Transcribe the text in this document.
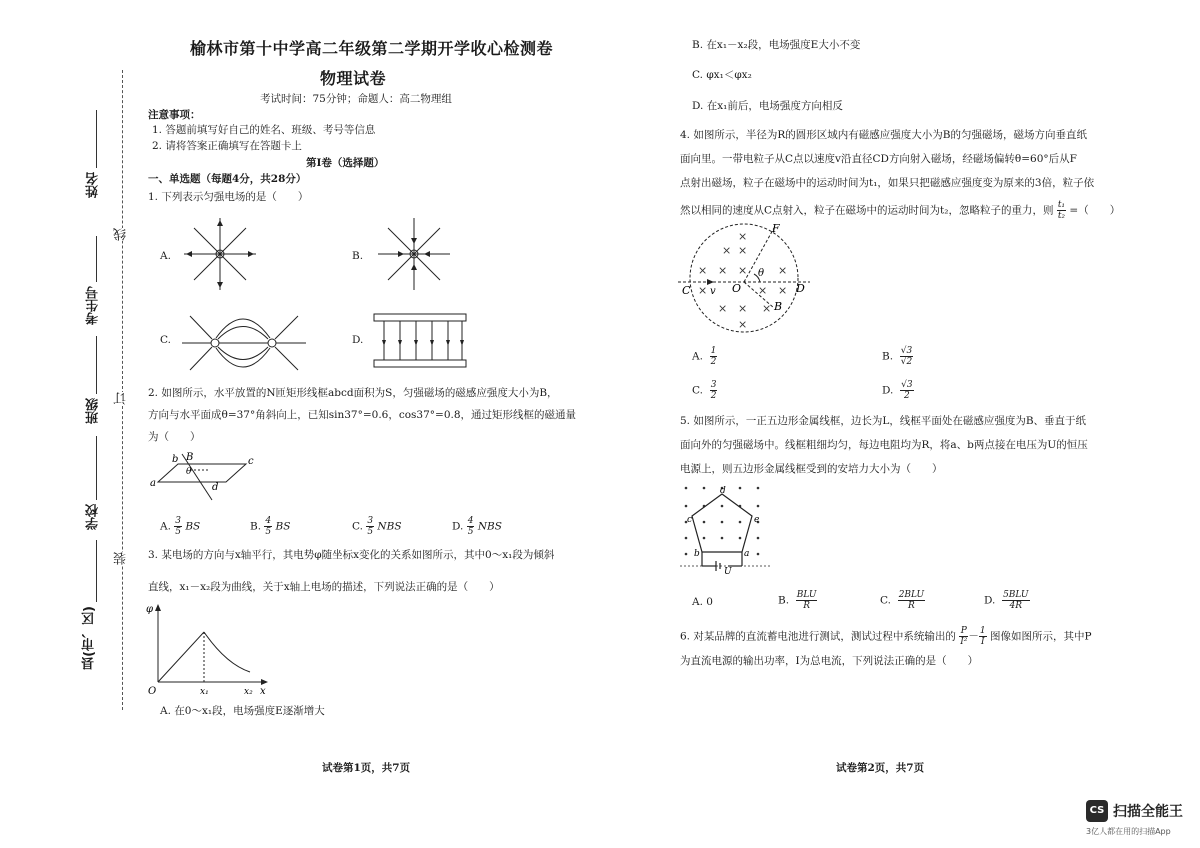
姓名
线
考生号
订
班级
学校
装
县(市、区)
榆林市第十中学高二年级第二学期开学收心检测卷
物理试卷
考试时间：75分钟；命题人：高二物理组
注意事项：
1. 答题前填写好自己的姓名、班级、考号等信息
2. 请将答案正确填写在答题卡上
第Ⅰ卷（选择题）
一、单选题（每题4分，共28分）
1. 下列表示匀强电场的是（　　）
A.	B.
C.	D.
2. 如图所示，水平放置的N匝矩形线框abcd面积为S，匀强磁场的磁感应强度大小为B，
方向与水平面成θ=37°角斜向上，已知sin37°=0.6，cos37°=0.8，通过矩形线框的磁通量
为（　　）
a
b B
θ
c
d
A. $\frac{3}{5}$ BS	B. $\frac{4}{5}$ BS	C. $\frac{3}{5}$ NBS	D. $\frac{4}{5}$ NBS
3. 某电场的方向与x轴平行，其电势φ随坐标x变化的关系如图所示，其中0～x₁段为倾斜
直线，x₁－x₂段为曲线，关于x轴上电场的描述，下列说法正确的是（　　）
φ
O	x₁	x₂ x
A. 在0～x₁段，电场强度E逐渐增大
试卷第1页，共7页
B. 在x₁－x₂段，电场强度E大小不变
C. φx₁＜φx₂
D. 在x₁前后，电场强度方向相反
4. 如图所示，半径为R的圆形区域内有磁感应强度大小为B的匀强磁场，磁场方向垂直纸
面向里。一带电粒子从C点以速度v沿直径CD方向射入磁场，经磁场偏转θ=60°后从F
点射出磁场，粒子在磁场中的运动时间为t₁，如果只把磁感应强度变为原来的3倍，粒子依
然以相同的速度从C点射入，粒子在磁场中的运动时间为t₂，忽略粒子的重力，则 $\frac{\text{t₁}}{\text{t₂}}$ =（　　）
×
× ×
× × ×	×
×	× ×
× × ×
×
C	D
O
F
B
v
θ
A. $\frac{1}{2}$	B. $\frac{√3}{√2}$
C. $\frac{3}{2}$	D. $\frac{√3}{2}$
5. 如图所示，一正五边形金属线框，边长为L，线框平面处在磁感应强度为B、垂直于纸
面向外的匀强磁场中。线框粗细均匀，每边电阻均为R，将a、b两点接在电压为U的恒压
电源上，则五边形金属线框受到的安培力大小为（　　）
d
c	e
b	a
U
A. 0	B. $\frac{\text{BLU}}{R}$	C. $\frac{\text{2BLU}}{R}$	D. $\frac{\text{5BLU}}{4R}$
6. 对某品牌的直流蓄电池进行测试，测试过程中系统输出的 $\frac{P}{\text{I²}} - \frac{1}{I}$ 图像如图所示，其中P
为直流电源的输出功率，I为总电流，下列说法正确的是（　　）
试卷第2页，共7页
CS 扫描全能王
3亿人都在用的扫描App
